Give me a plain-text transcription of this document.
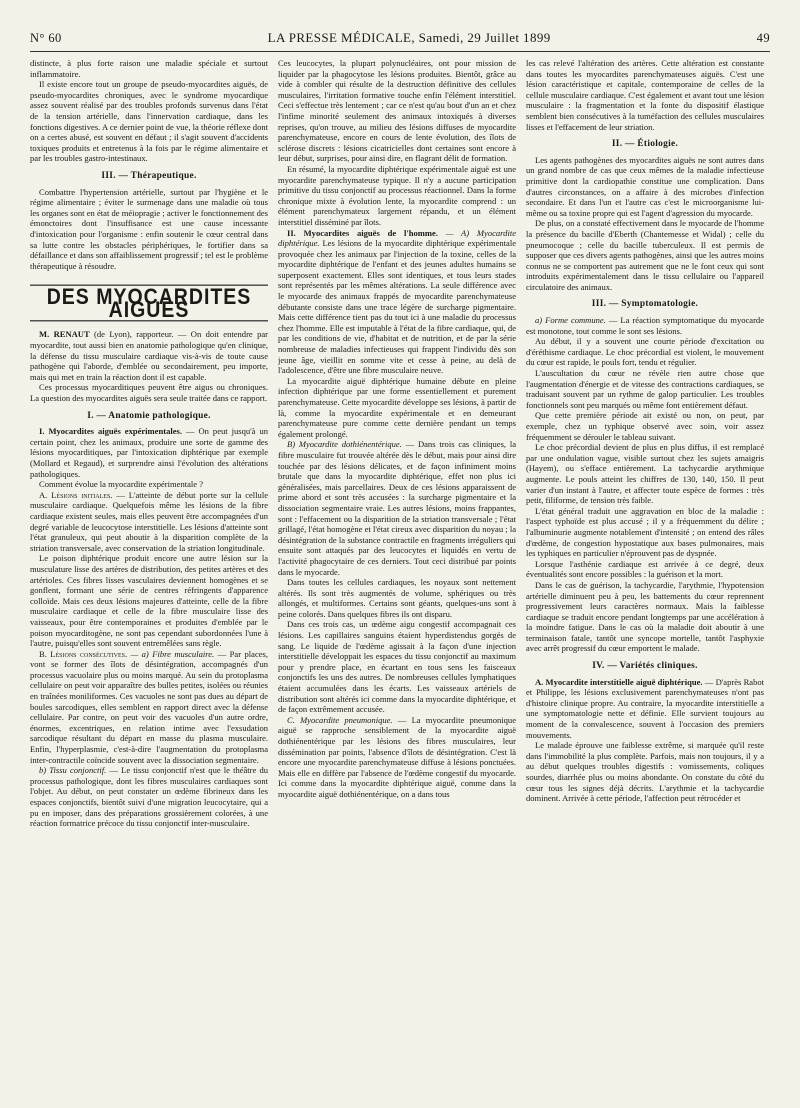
N° 60	LA PRESSE MÉDICALE, Samedi, 29 Juillet 1899	49

distincte, à plus forte raison une maladie spéciale et surtout inflammatoire.

Il existe encore tout un groupe de pseudo-myocardites aiguës, de pseudo-myocardites chroniques, avec le syndrome myocardique assez souvent réalisé par des troubles profonds survenus dans l'état de la tension artérielle, dans l'innervation cardiaque, dans les fonctions digestives. A ce dernier point de vue, la théorie réflexe dont on a certes abusé, est souvent en défaut ; il s'agit souvent d'accidents toxiques produits et entretenus à la fois par le régime alimentaire et par les troubles gastro-intestinaux.

III. — Thérapeutique.

Combattre l'hypertension artérielle, surtout par l'hygiène et le régime alimentaire ; éviter le surmenage dans une maladie où tous les organes sont en état de méiopragie ; activer le fonctionnement des émonctoires dont l'insuffisance est une cause incessante d'intoxication pour l'organisme : enfin soutenir le cœur central dans sa lutte contre les obstacles périphériques, le fortifier dans sa défaillance et dans son affaiblissement progressif ; tel est le problème thérapeutique à résoudre.

DES MYOCARDITES AIGUES

M. RENAUT (de Lyon), rapporteur. — On doit entendre par myocardite, tout aussi bien en anatomie pathologique qu'en clinique, la défense du tissu musculaire cardiaque vis-à-vis de toute cause pathogène qui l'aborde, d'emblée ou secondairement, peu importe, mais qui met en train la réaction dont il est capable.

Ces processus myocarditiques peuvent être aigus ou chroniques. La question des myocardites aiguës sera seule traitée dans ce rapport.

I. — Anatomie pathologique.

I. Myocardites aiguës expérimentales. — On peut jusqu'à un certain point, chez les animaux, produire une sorte de gamme des lésions myocarditiques, par l'intoxication diphtérique par exemple (Mollard et Regaud), et surprendre ainsi l'évolution des altérations pathologiques.

Comment évolue la myocardite expérimentale ?

A. Lésions initiales. — L'atteinte de début porte sur la cellule musculaire cardiaque. Quelquefois même les lésions de la fibre cardiaque existent seules, mais elles peuvent être accompagnées d'un degré variable de leucocytose interstitielle. Les lésions d'atteinte sont l'état granuleux, qui peut aboutir à la disparition complète de la striation transversale, avec conservation de la striation longitudinale.

Le poison diphtérique produit encore une autre lésion sur la musculature lisse des artères de distribution, des petites artères et des artérioles. Ces fibres lisses vasculaires deviennent homogènes et se gonflent, formant une série de centres réfringents d'apparence colloïde. Mais ces deux lésions majeures d'atteinte, celle de la fibre musculaire cardiaque et celle de la fibre musculaire lisse des vaisseaux, pour être contemporaines et produites d'emblée par le poison myocarditogène, ne sont pas cependant subordonnées l'une à l'autre, puisqu'elles sont souvent entremêlées sans règle.

B. Lésions consécutives. — a) Fibre musculaire. — Par places, vont se former des îlots de désintégration, accompagnés d'un processus vacuolaire plus ou moins marqué. Au sein du protoplasma cellulaire on peut voir apparaître des bulles petites, isolées ou réunies en traînées moniliformes. Ces vacuoles ne sont pas dues au départ de boules sarcodiques, elles semblent en rapport direct avec la défense cellulaire. Par contre, on peut voir des vacuoles d'un autre ordre, énormes, excentriques, en relation intime avec l'exsudation sarcodique résultant du départ en masse du plasma musculaire. Enfin, l'hyperplasmie, c'est-à-dire l'augmentation du protoplasma inter-contractile coïncide souvent avec la dissociation segmentaire.

b) Tissu conjonctif. — Le tissu conjonctif n'est que le théâtre du processus pathologique, dont les fibres musculaires cardiaques sont l'objet. Au début, on peut constater un œdème fibrineux dans les espaces conjonctifs, bientôt suivi d'une migration leucocytaire, qui a pu en imposer, dans des préparations grossièrement colorées, à une réaction formatrice précoce du tissu conjonctif inter-musculaire.

Ces leucocytes, la plupart polynucléaires, ont pour mission de liquider par la phagocytose les lésions produites. Bientôt, grâce au vide à combler qui résulte de la destruction définitive des cellules musculaires, l'irritation formative touche enfin l'élément interstitiel. Ceci s'effectue très lentement ; car ce n'est qu'au bout d'un an et chez l'infime minorité seulement des animaux intoxiqués à diverses reprises, qu'on trouve, au milieu des lésions diffuses de myocardite parenchymateuse, encore en cours de lente évolution, des îlots de sclérose discrets : lésions cicatricielles dont certaines sont encore à leur début, surprises, pour ainsi dire, en flagrant délit de formation.

En résumé, la myocardite diphtérique expérimentale aiguë est une myocardite parenchymateuse typique. Il n'y a aucune participation primitive du tissu conjonctif au processus réactionnel. Dans la forme chronique mixte à évolution lente, la myocardite comprend : un élément parenchymateux largement répandu, et un élément interstitiel disséminé par îlots.

II. Myocardites aiguës de l'homme. — A) Myocardite diphtérique. Les lésions de la myocardite diphtérique expérimentale provoquée chez les animaux par l'injection de la toxine, celles de la myocardite diphtérique de l'enfant et des jeunes adultes humains se superposent exactement. Elles sont identiques, et tous leurs stades sont représentés par les mêmes altérations. La seule différence avec le myocarde des animaux frappés de myocardite parenchymateuse débutante consiste dans une trace légère de surcharge pigmentaire. Mais cette différence tient pas du tout ici à une maladie du processus chez l'homme. Elle est imputable à l'état de la fibre cardiaque, qui, de par les conditions de vie, d'habitat et de nutrition, et de par la série nombreuse de maladies infectieuses qui frappent l'individu dès son jeune âge, vieillit en somme vite et cesse à peine, au delà de l'adolescence, d'être une fibre musculaire neuve.

La myocardite aiguë diphtérique humaine débute en pleine infection diphtérique par une forme essentiellement et purement parenchymateuse. Cette myocardite développe ses lésions, à partir de là, comme la myocardite expérimentale et en demeurant parenchymateuse pure comme cette dernière pendant un temps également prolongé.

B) Myocardite dothiénentérique. — Dans trois cas cliniques, la fibre musculaire fut trouvée altérée dès le début, mais pour ainsi dire touchée par des lésions délicates, et de façon infiniment moins brutale que dans la myocardite diphtérique, effet non plus ici généralisées, mais parcellaires. Deux de ces lésions apparaissent de prime abord et sont très accusées : la surcharge pigmentaire et la dissociation segmentaire vraie. Les autres lésions, moins frappantes, sont : l'effacement ou la disparition de la striation transversale ; l'état grillagé, l'état homogène et l'état cireux avec disparition du noyau ; la désintégration de la substance contractile en fragments irréguliers qui ensuite sont attaqués par des leucocytes et liquidés en vertu de l'activité phagocytaire de ces derniers. Tout ceci distribué par points dans le myocarde.

Dans toutes les cellules cardiaques, les noyaux sont nettement altérés. Ils sont très augmentés de volume, sphériques ou très allongés, et multiformes. Certains sont géants, quelques-uns sont à peine colorés. Dans quelques fibres ils ont disparu.

Dans ces trois cas, un œdème aigu congestif accompagnait ces lésions. Les capillaires sanguins étaient hyperdistendus gorgés de sang. Le liquide de l'œdème agissait à la façon d'une injection interstitielle développait les espaces du tissu conjonctif au maximum pour y prendre place, en écartant en tous sens les faisceaux conjonctifs les uns des autres. De nombreuses cellules lymphatiques étaient accumulées dans les écarts. Les vaisseaux artériels de distribution sont altérés ici comme dans la myocardite diphtérique, et de façon extrêmement accusée.

C. Myocardite pneumonique. — La myocardite pneumonique aiguë se rapproche sensiblement de la myocardite aiguë dothiénentérique par les lésions des fibres musculaires, leur dissémination par points, l'absence d'îlots de désintégration. C'est là encore une myocardite parenchymateuse diffuse à lésions ponctuées. Mais elle en diffère par l'absence de l'œdème congestif du myocarde. Ici comme dans la myocardite diphtérique aiguë, comme dans la myocardite aiguë dothiénentérique, on a dans tous

les cas relevé l'altération des artères. Cette altération est constante dans toutes les myocardites parenchymateuses aiguës. C'est une lésion caractéristique et capitale, contemporaine de celles de la cellule musculaire cardiaque. C'est également et avant tout une lésion musculaire : la fragmentation et la fonte du dispositif élastique semblent bien consécutives à la tuméfaction des cellules musculaires lisses et l'effacement de leur striation.

II. — Étiologie.

Les agents pathogènes des myocardites aiguës ne sont autres dans un grand nombre de cas que ceux mêmes de la maladie infectieuse primitive dont la cardiopathie constitue une complication. Dans d'autres circonstances, on a affaire à des microbes d'infection secondaire. Et dans l'un et l'autre cas c'est le microorganisme lui-même ou sa toxine propre qui est l'agent d'agression du myocarde.

De plus, on a constaté effectivement dans le myocarde de l'homme la présence du bacille d'Eberth (Chantemesse et Widal) ; celle du pneumocoque ; celle du bacille tuberculeux. Il est permis de supposer que ces divers agents pathogènes, ainsi que les autres moins connus ne se comportent pas autrement que ne le font ceux qui sont introduits expérimentalement dans le tissu cellulaire ou l'appareil circulatoire des animaux.

III. — Symptomatologie.

a) Forme commune. — La réaction symptomatique du myocarde est monotone, tout comme le sont ses lésions.

Au début, il y a souvent une courte période d'excitation ou d'éréthisme cardiaque. Le choc précordial est violent, le mouvement du cœur est rapide, le pouls fort, tendu et régulier.

L'auscultation du cœur ne révèle rien autre chose que l'augmentation d'énergie et de vitesse des contractions cardiaques, se traduisant souvent par un rythme de galop particulier. Les troubles fonctionnels sont peu marqués ou même font entièrement défaut.

Que cette première période ait existé ou non, on peut, par exemple, chez un typhique observé avec soin, voir assez fréquemment se dérouler le tableau suivant.

Le choc précordial devient de plus en plus diffus, il est remplacé par une ondulation vague, visible surtout chez les sujets amaigris (Hayem), ou s'efface entièrement. La tachycardie arythmique augmente. Le pouls atteint les chiffres de 130, 140, 150. Il peut varier d'un instant à l'autre, et affecter toute espèce de formes : très petit, filiforme, de tension très faible.

L'état général traduit une aggravation en bloc de la maladie : l'aspect typhoïde est plus accusé ; il y a fréquemment du délire ; l'albuminurie augmente notablement d'intensité ; on entend des râles d'œdème, de congestion hypostatique aux bases pulmonaires, mais les typhiques en particulier n'éprouvent pas de dyspnée.

Lorsque l'asthénie cardiaque est arrivée à ce degré, deux éventualités sont encore possibles : la guérison et la mort.

Dans le cas de guérison, la tachycardie, l'arythmie, l'hypotension artérielle diminuent peu à peu, les battements du cœur reprennent progressivement leurs caractères normaux. Mais la faiblesse cardiaque se traduit encore pendant longtemps par une accélération à la moindre fatigue. Dans le cas où la maladie doit aboutir à une terminaison fatale, tantôt une syncope mortelle, tantôt l'asphyxie avec arrêt progressif du cœur emportent le malade.

IV. — Variétés cliniques.

A. Myocardite interstitielle aiguë diphtérique. — D'après Rabot et Philippe, les lésions exclusivement parenchymateuses n'ont pas d'histoire clinique propre. Au contraire, la myocardite interstitielle a une symptomatologie nette et définie. Elle survient toujours au moment de la convalescence, souvent à l'occasion des premiers mouvements.

Le malade éprouve une faiblesse extrême, si marquée qu'il reste dans l'immobilité la plus complète. Parfois, mais non toujours, il y a au début quelques troubles digestifs : vomissements, coliques sourdes, diarrhée plus ou moins abondante. On constate du côté du cœur tous les signes déjà décrits. L'arythmie et la tachycardie dominent. Arrivée à cette période, l'affection peut rétrocéder et
